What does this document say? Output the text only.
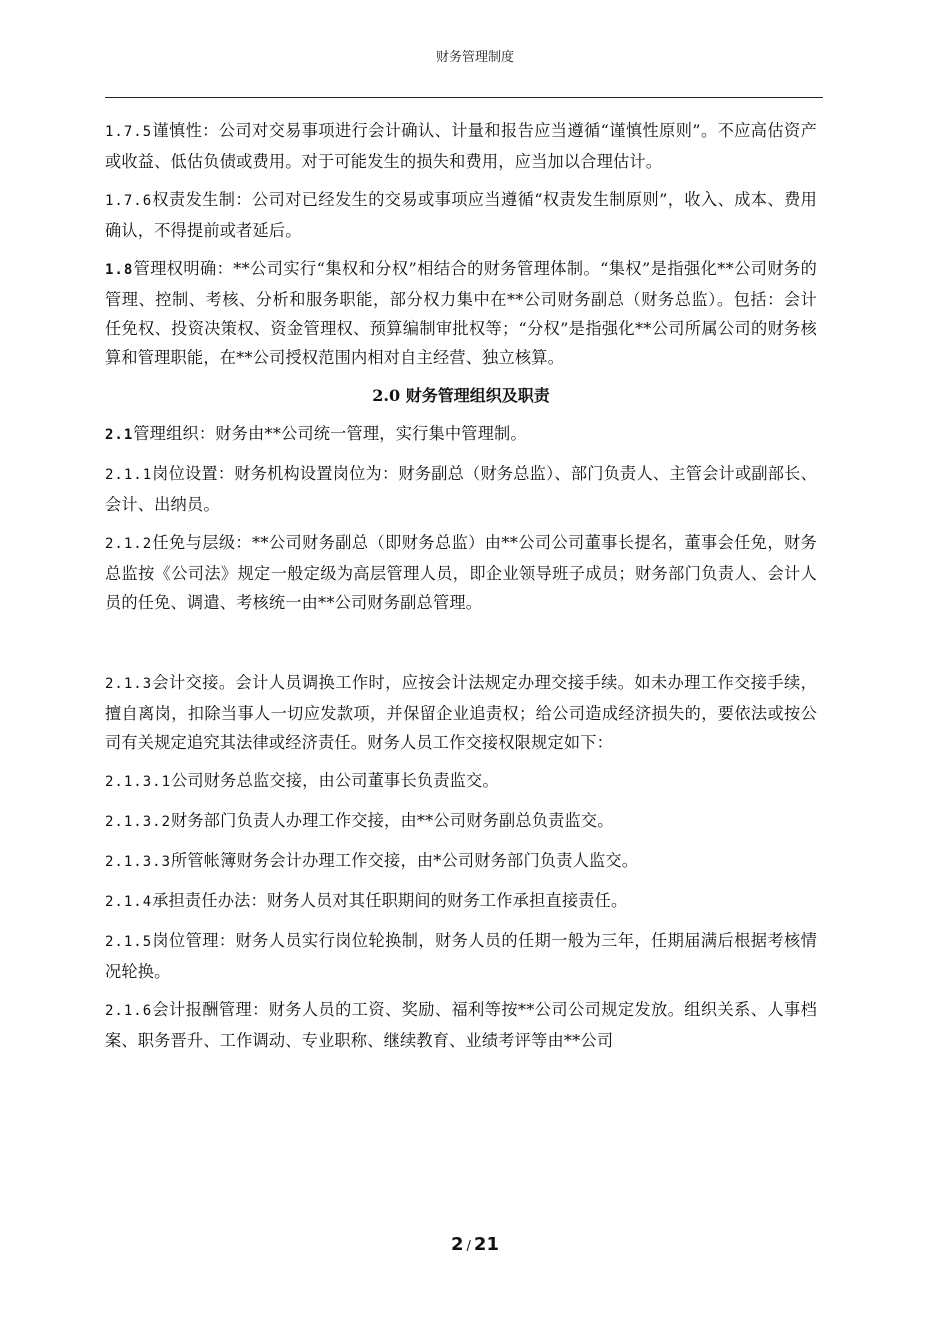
财务管理制度

1.7.5谨慎性：公司对交易事项进行会计确认、计量和报告应当遵循“谨慎性原则”。不应高估资产或收益、低估负债或费用。对于可能发生的损失和费用，应当加以合理估计。

1.7.6权责发生制：公司对已经发生的交易或事项应当遵循“权责发生制原则”，收入、成本、费用确认，不得提前或者延后。

1.8管理权明确：**公司实行“集权和分权”相结合的财务管理体制。“集权”是指强化**公司财务的管理、控制、考核、分析和服务职能，部分权力集中在**公司财务副总（财务总监）。包括：会计任免权、投资决策权、资金管理权、预算编制审批权等；“分权”是指强化**公司所属公司的财务核算和管理职能，在**公司授权范围内相对自主经营、独立核算。

2.0 财务管理组织及职责

2.1管理组织：财务由**公司统一管理，实行集中管理制。

2.1.1岗位设置：财务机构设置岗位为：财务副总（财务总监）、部门负责人、主管会计或副部长、会计、出纳员。

2.1.2任免与层级：**公司财务副总（即财务总监）由**公司公司董事长提名，董事会任免，财务总监按《公司法》规定一般定级为高层管理人员，即企业领导班子成员；财务部门负责人、会计人员的任免、调遣、考核统一由**公司财务副总管理。

2.1.3会计交接。会计人员调换工作时，应按会计法规定办理交接手续。如未办理工作交接手续，擅自离岗，扣除当事人一切应发款项，并保留企业追责权；给公司造成经济损失的，要依法或按公司有关规定追究其法律或经济责任。财务人员工作交接权限规定如下：

2.1.3.1公司财务总监交接，由公司董事长负责监交。

2.1.3.2财务部门负责人办理工作交接，由**公司财务副总负责监交。

2.1.3.3所管帐簿财务会计办理工作交接，由*公司财务部门负责人监交。

2.1.4承担责任办法：财务人员对其任职期间的财务工作承担直接责任。

2.1.5岗位管理：财务人员实行岗位轮换制，财务人员的任期一般为三年，任期届满后根据考核情况轮换。

2.1.6会计报酬管理：财务人员的工资、奖励、福利等按**公司公司规定发放。组织关系、人事档案、职务晋升、工作调动、专业职称、继续教育、业绩考评等由**公司

2 / 21
